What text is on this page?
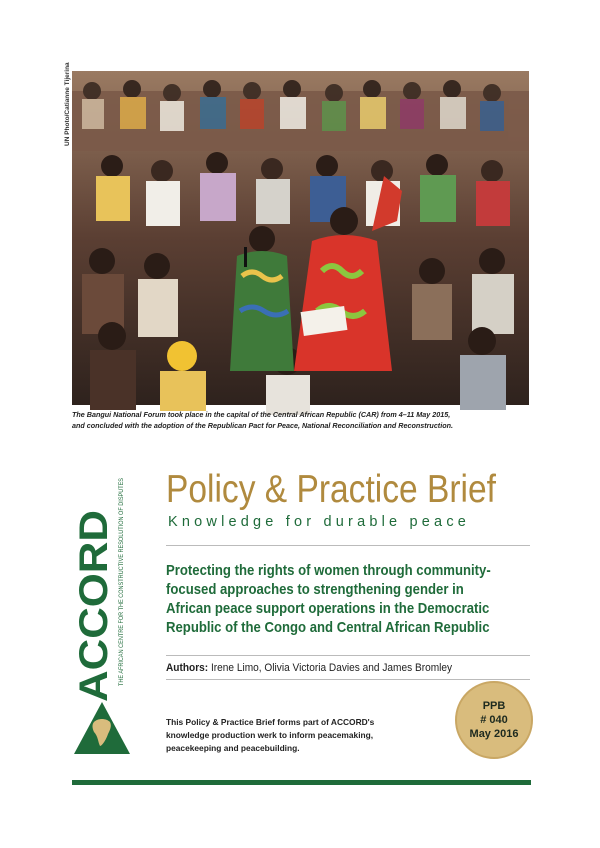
UN Photo/Catianne Tijerina
The Bangui National Forum took place in the capital of the Central African Republic (CAR) from 4–11 May 2015,
and concluded with the adoption of the Republican Pact for Peace, National Reconciliation and Reconstruction.
ACCORD THE AFRICAN CENTRE FOR THE CONSTRUCTIVE RESOLUTION OF DISPUTES Policy & Practice Brief
Knowledge for durable peace
Protecting the rights of women through community-focused approaches to strengthening gender in African peace support operations in the Democratic Republic of the Congo and Central African Republic
Authors: Irene Limo, Olivia Victoria Davies and James Bromley
This Policy & Practice Brief forms part of ACCORD's
knowledge production werk to inform peacemaking,
peacekeeping and peacebuilding.
PPB
# 040
May 2016
